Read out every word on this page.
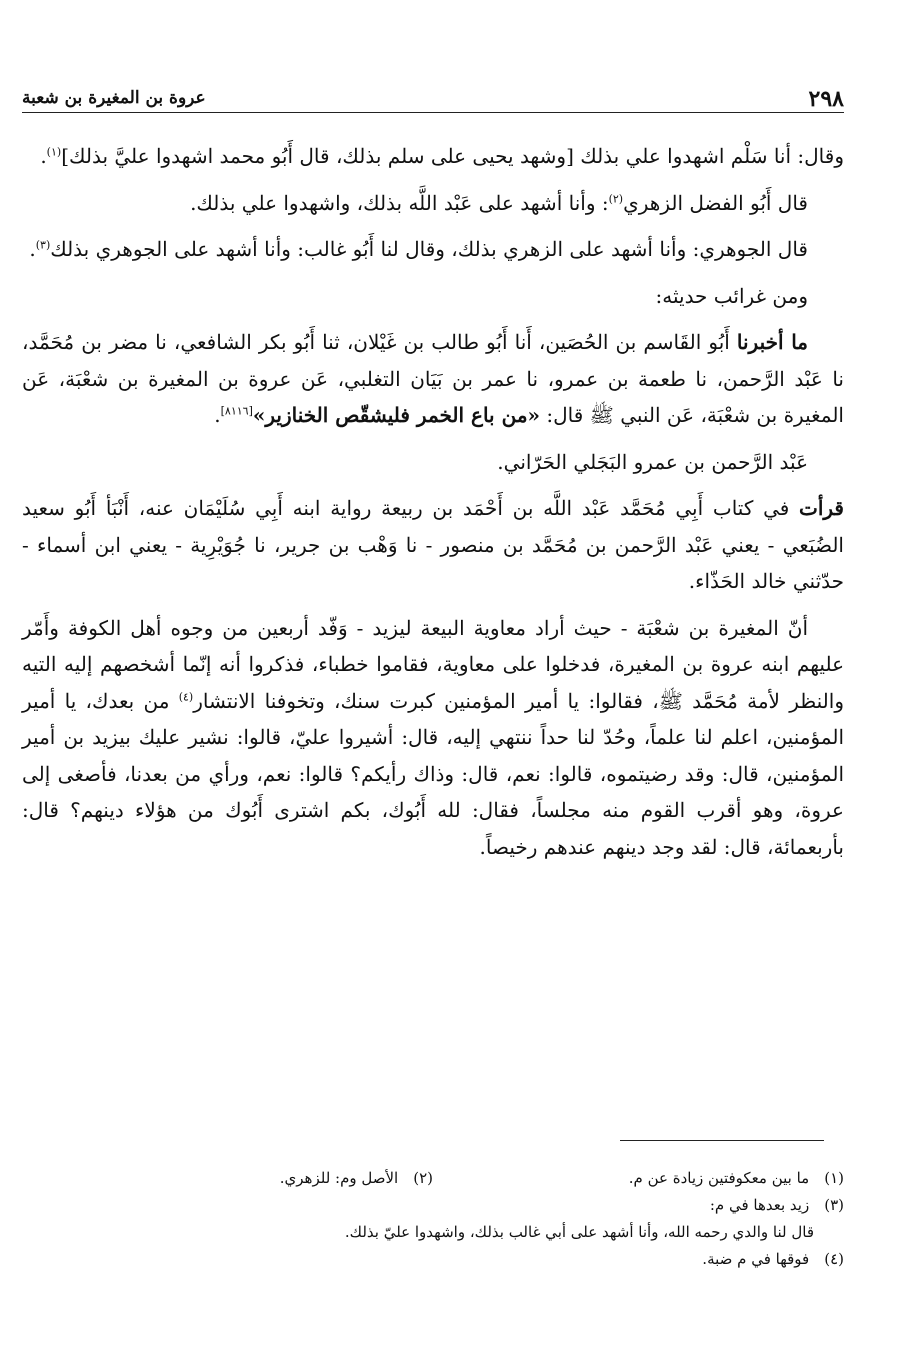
٢٩٨
عروة بن المغيرة بن شعبة

وقال: أنا سَلْم اشهدوا علي بذلك [وشهد يحيى على سلم بذلك، قال أَبُو محمد اشهدوا عليَّ بذلك]$^{(١)}$.

قال أَبُو الفضل الزهري$^{(٢)}$: وأنا أشهد على عَبْد اللَّه بذلك، واشهدوا علي بذلك.

قال الجوهري: وأنا أشهد على الزهري بذلك، وقال لنا أَبُو غالب: وأنا أشهد على الجوهري بذلك$^{(٣)}$.

ومن غرائب حديثه:

ما أخبرنا أَبُو القَاسم بن الحُصَين، أَنا أَبُو طالب بن غَيْلان، ثنا أَبُو بكر الشافعي، نا مضر بن مُحَمَّد، نا عَبْد الرَّحمن، نا طعمة بن عمرو، نا عمر بن بَيَان التغلبي، عَن عروة بن المغيرة بن شعْبَة، عَن المغيرة بن شعْبَة، عَن النبي ﷺ قال: «من باع الخمر فليشقّص الخنازير»[٨١١٦].

عَبْد الرَّحمن بن عمرو البَجَلي الحَرّاني.

قرأت في كتاب أَبِي مُحَمَّد عَبْد اللَّه بن أَحْمَد بن ربيعة رواية ابنه أَبِي سُلَيْمَان عنه، أَنْبَأ أَبُو سعيد الضُبَعي - يعني عَبْد الرَّحمن بن مُحَمَّد بن منصور - نا وَهْب بن جرير، نا جُوَيْرِية - يعني ابن أسماء - حدّثني خالد الحَذّاء.

أنّ المغيرة بن شعْبَة - حيث أراد معاوية البيعة ليزيد - وَفّد أربعين من وجوه أهل الكوفة وأَمّر عليهم ابنه عروة بن المغيرة، فدخلوا على معاوية، فقاموا خطباء، فذكروا أنه إنّما أشخصهم إليه التيه والنظر لأمة مُحَمَّد ﷺ، فقالوا: يا أمير المؤمنين كبرت سنك، وتخوفنا الانتشار$^{(٤)}$ من بعدك، يا أمير المؤمنين، اعلم لنا علماً، وحُدّ لنا حداً ننتهي إليه، قال: أشيروا عليّ، قالوا: نشير عليك بيزيد بن أمير المؤمنين، قال: وقد رضيتموه، قالوا: نعم، قال: وذاك رأيكم؟ قالوا: نعم، ورأي من بعدنا، فأصغى إلى عروة، وهو أقرب القوم منه مجلساً، فقال: لله أَبُوك، بكم اشترى أَبُوك من هؤلاء دينهم؟ قال: بأربعمائة، قال: لقد وجد دينهم عندهم رخيصاً.

(١) ما بين معكوفتين زيادة عن م.
(٢) الأصل وم: للزهري.
(٣) زيد بعدها في م:
قال لنا والدي رحمه الله، وأنا أشهد على أبي غالب بذلك، واشهدوا عليّ بذلك.
(٤) فوقها في م ضبة.
